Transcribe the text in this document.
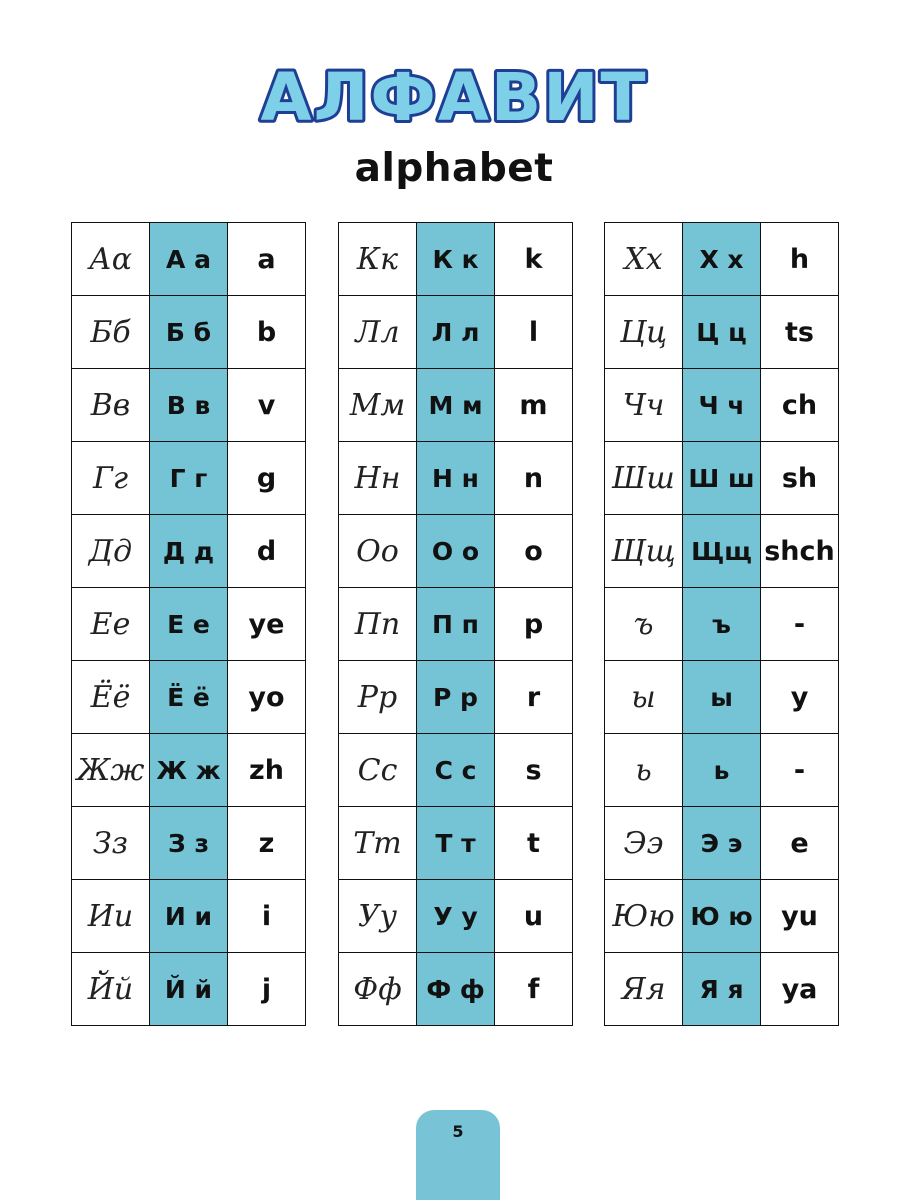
АЛФАВИТ
alphabet
Аα	А а	a
Бб	Б б	b
Вв	В в	v
Гг	Г г	g
Дд	Д д	d
Ее	Е е	ye
Ёё	Ё ё	yo
Жж	Ж ж	zh
Зз	З з	z
Ии	И и	i
Йй	Й й	j
Кк	К к	k
Лл	Л л	l
Мм	М м	m
Нн	Н н	n
Оо	О о	o
Пп	П п	p
Рр	Р р	r
Сс	С с	s
Тт	Т т	t
Уу	У у	u
Фф	Ф ф	f
Хх	Х х	h
Цц	Ц ц	ts
Чч	Ч ч	ch
Шш	Ш ш	sh
Щщ	Щщ	shch
ъ	ъ	-
ы	ы	y
ь	ь	-
Ээ	Э э	e
Юю	Ю ю	yu
Яя	Я я	ya
5
